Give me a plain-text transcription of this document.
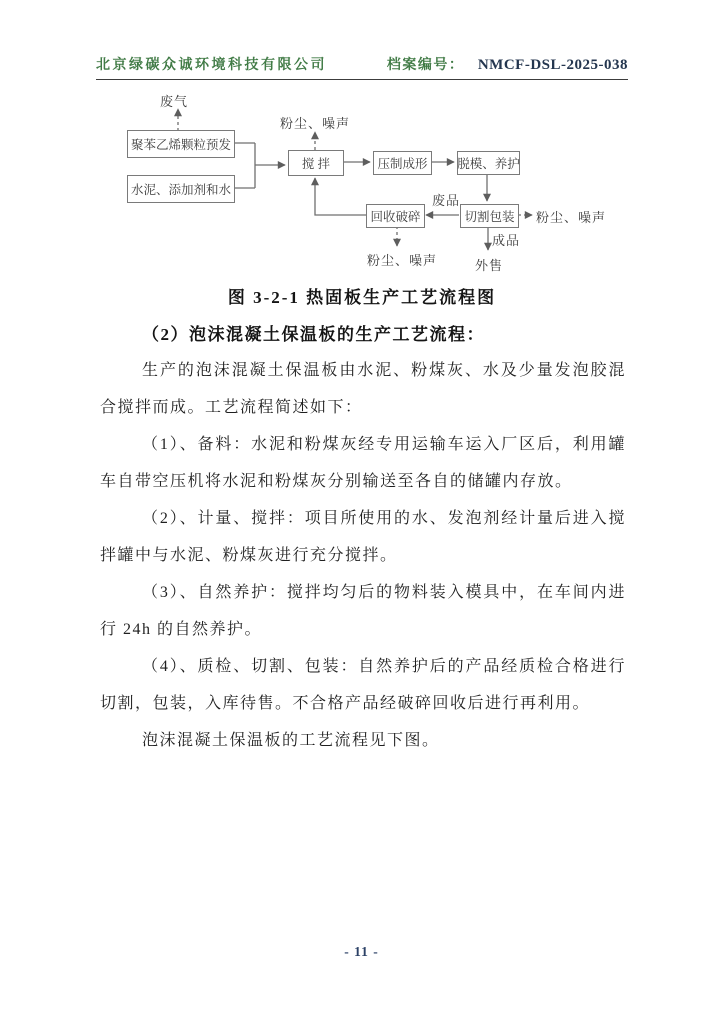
北京绿碳众诚环境科技有限公司	档案编号： NMCF-DSL-2025-038
废气
粉尘、噪声
聚苯乙烯颗粒预发
水泥、添加剂和水
搅 拌	压制成形	脱模、养护
切割包装
回收破碎
废品
粉尘、噪声
成品
外售
粉尘、噪声
图 3-2-1 热固板生产工艺流程图
（2）泡沫混凝土保温板的生产工艺流程：

生产的泡沫混凝土保温板由水泥、粉煤灰、水及少量发泡胶混合搅拌而成。工艺流程简述如下：

（1）、备料：水泥和粉煤灰经专用运输车运入厂区后，利用罐车自带空压机将水泥和粉煤灰分别输送至各自的储罐内存放。

（2）、计量、搅拌：项目所使用的水、发泡剂经计量后进入搅拌罐中与水泥、粉煤灰进行充分搅拌。

（3）、自然养护：搅拌均匀后的物料装入模具中，在车间内进行 24h 的自然养护。

（4）、质检、切割、包装：自然养护后的产品经质检合格进行切割，包装，入库待售。不合格产品经破碎回收后进行再利用。

泡沫混凝土保温板的工艺流程见下图。

- 11 -
